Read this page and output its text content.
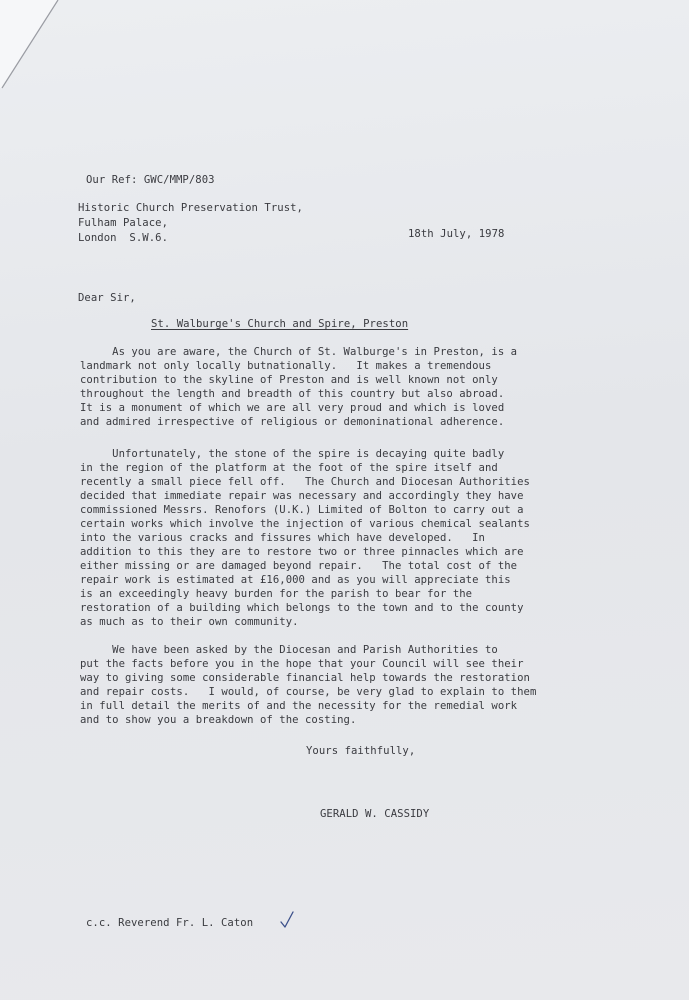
Our Ref: GWC/MMP/803
Historic Church Preservation Trust,
Fulham Palace,
London  S.W.6.	18th July, 1978
Dear Sir,
St. Walburge's Church and Spire, Preston
As you are aware, the Church of St. Walburge's in Preston, is a
landmark not only locally butnationally.   It makes a tremendous
contribution to the skyline of Preston and is well known not only
throughout the length and breadth of this country but also abroad.
It is a monument of which we are all very proud and which is loved
and admired irrespective of religious or demoninational adherence.
Unfortunately, the stone of the spire is decaying quite badly
in the region of the platform at the foot of the spire itself and
recently a small piece fell off.   The Church and Diocesan Authorities
decided that immediate repair was necessary and accordingly they have
commissioned Messrs. Renofors (U.K.) Limited of Bolton to carry out a
certain works which involve the injection of various chemical sealants
into the various cracks and fissures which have developed.   In
addition to this they are to restore two or three pinnacles which are
either missing or are damaged beyond repair.   The total cost of the
repair work is estimated at £16,000 and as you will appreciate this
is an exceedingly heavy burden for the parish to bear for the
restoration of a building which belongs to the town and to the county
as much as to their own community.
We have been asked by the Diocesan and Parish Authorities to
put the facts before you in the hope that your Council will see their
way to giving some considerable financial help towards the restoration
and repair costs.   I would, of course, be very glad to explain to them
in full detail the merits of and the necessity for the remedial work
and to show you a breakdown of the costing.
Yours faithfully,
GERALD W. CASSIDY
c.c. Reverend Fr. L. Caton
